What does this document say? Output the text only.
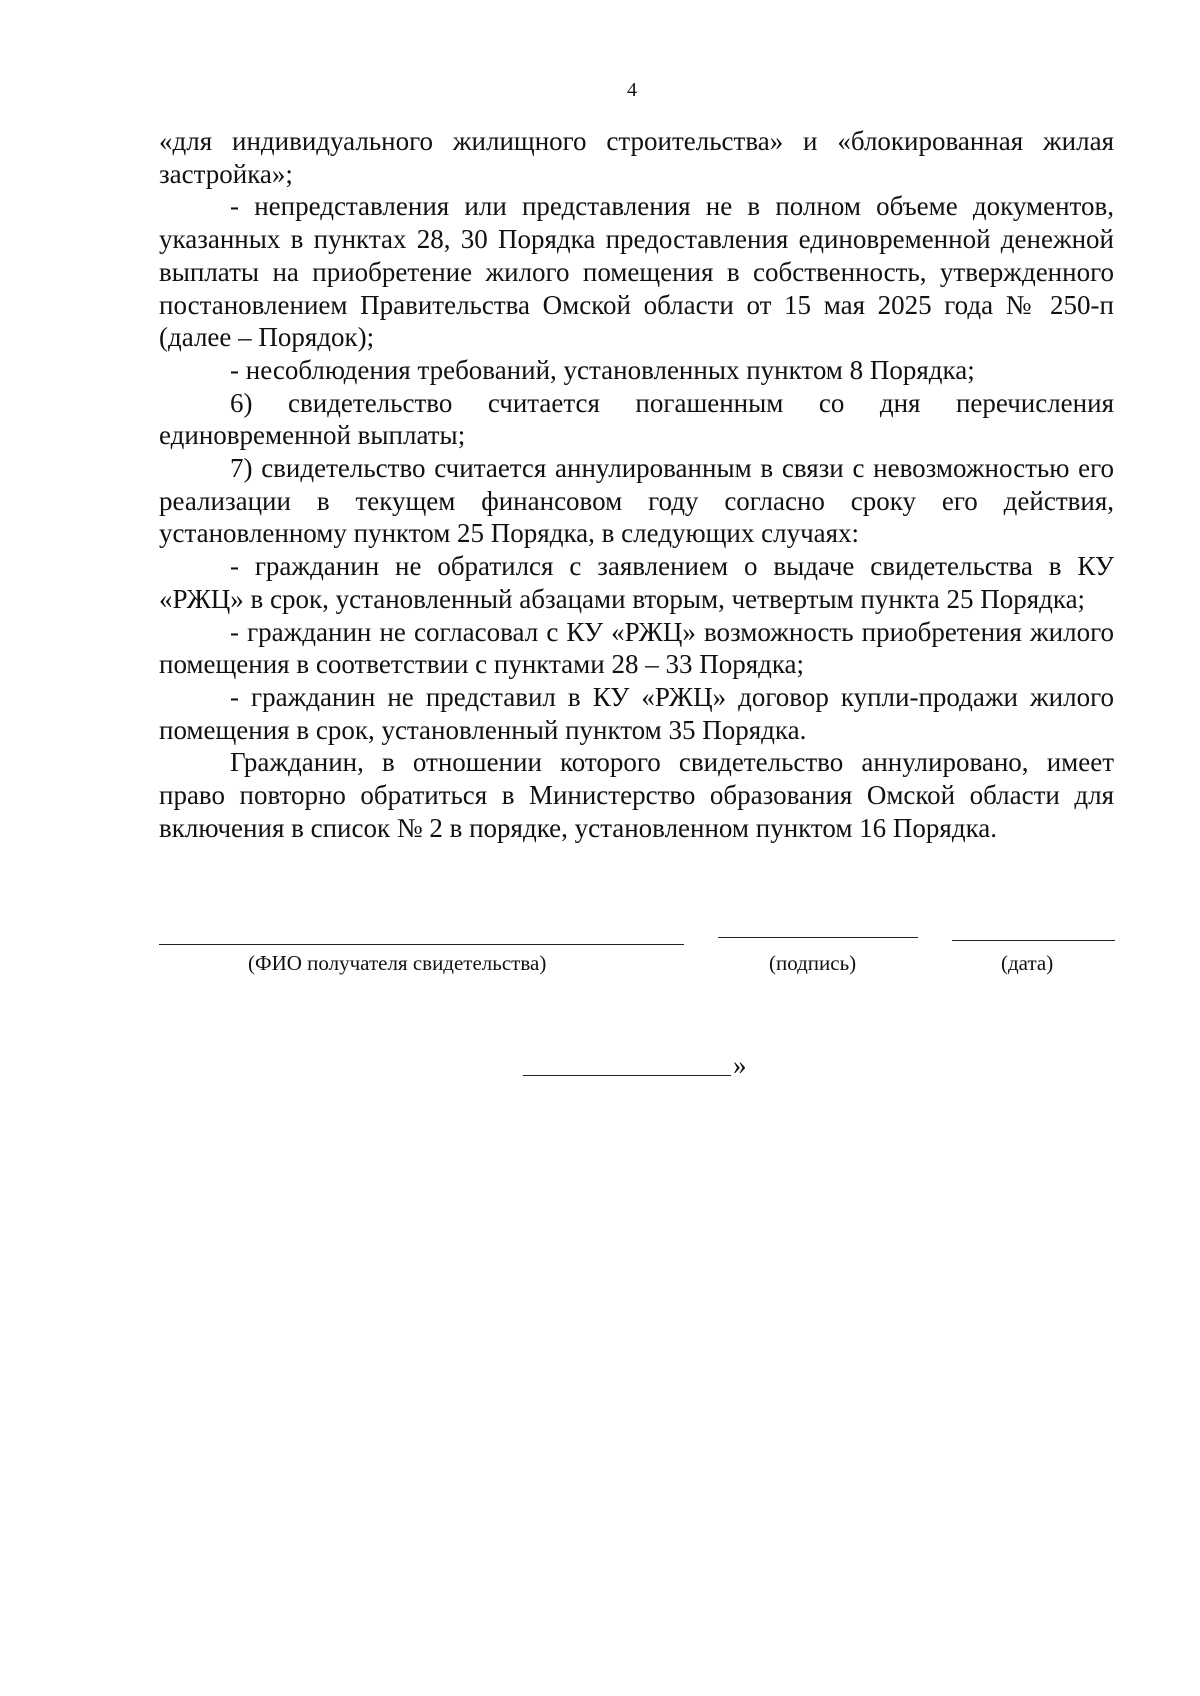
4

«для индивидуального жилищного строительства» и «блокированная жилая застройка»;

- непредставления или представления не в полном объеме документов, указанных в пунктах 28, 30 Порядка предоставления единовременной денежной выплаты на приобретение жилого помещения в собственность, утвержденного постановлением Правительства Омской области от 15 мая 2025 года № 250-п (далее – Порядок);

- несоблюдения требований, установленных пунктом 8 Порядка;

6) свидетельство считается погашенным со дня перечисления единовременной выплаты;

7) свидетельство считается аннулированным в связи с невозможностью его реализации в текущем финансовом году согласно сроку его действия, установленному пунктом 25 Порядка, в следующих случаях:

- гражданин не обратился с заявлением о выдаче свидетельства в КУ «РЖЦ» в срок, установленный абзацами вторым, четвертым пункта 25 Порядка;

- гражданин не согласовал с КУ «РЖЦ» возможность приобретения жилого помещения в соответствии с пунктами 28 – 33 Порядка;

- гражданин не представил в КУ «РЖЦ» договор купли-продажи жилого помещения в срок, установленный пунктом 35 Порядка.

Гражданин, в отношении которого свидетельство аннулировано, имеет право повторно обратиться в Министерство образования Омской области для включения в список № 2 в порядке, установленном пунктом 16 Порядка.

(ФИО получателя свидетельства)	(подпись)	(дата)
»
